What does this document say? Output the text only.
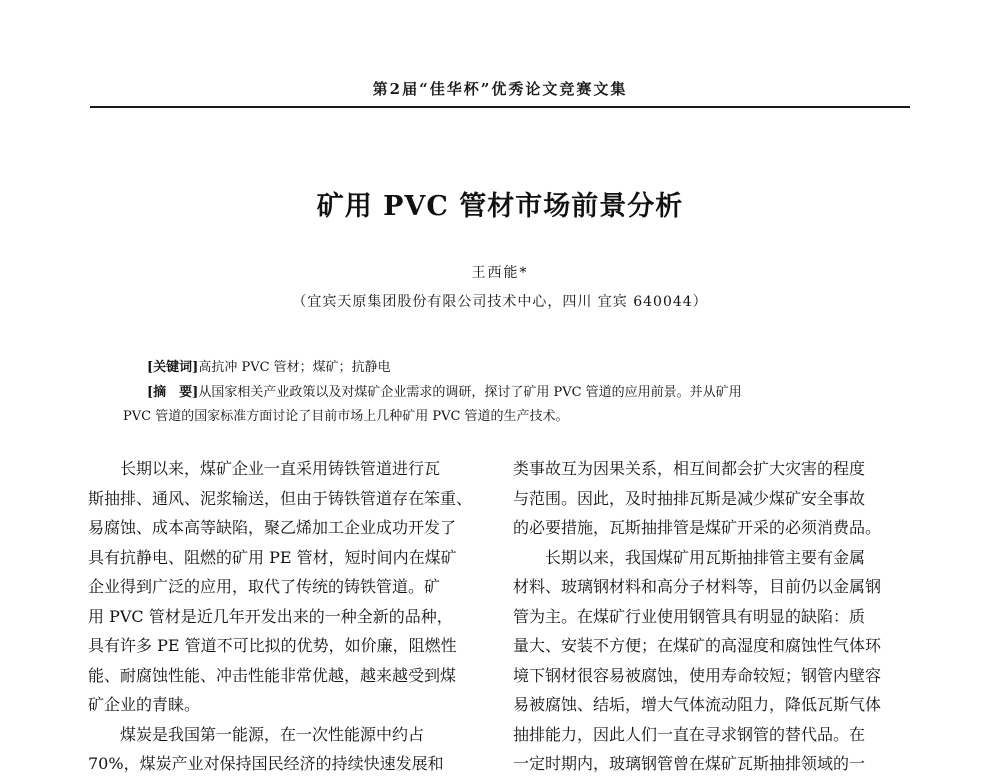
第2届“佳华杯”优秀论文竞赛文集
矿用 PVC 管材市场前景分析
王西能*
（宜宾天原集团股份有限公司技术中心，四川 宜宾 640044）
[关键词]高抗冲 PVC 管材；煤矿；抗静电
[摘　要]从国家相关产业政策以及对煤矿企业需求的调研，探讨了矿用 PVC 管道的应用前景。并从矿用
PVC 管道的国家标准方面讨论了目前市场上几种矿用 PVC 管道的生产技术。

　　长期以来，煤矿企业一直采用铸铁管道进行瓦

斯抽排、通风、泥浆输送，但由于铸铁管道存在笨重、

易腐蚀、成本高等缺陷，聚乙烯加工企业成功开发了

具有抗静电、阻燃的矿用 PE 管材，短时间内在煤矿

企业得到广泛的应用，取代了传统的铸铁管道。矿

用 PVC 管材是近几年开发出来的一种全新的品种，

具有许多 PE 管道不可比拟的优势，如价廉，阻燃性

能、耐腐蚀性能、冲击性能非常优越，越来越受到煤

矿企业的青睐。

　　煤炭是我国第一能源，在一次性能源中约占

70%，煤炭产业对保持国民经济的持续快速发展和

类事故互为因果关系，相互间都会扩大灾害的程度

与范围。因此，及时抽排瓦斯是减少煤矿安全事故

的必要措施，瓦斯抽排管是煤矿开采的必须消费品。

　　长期以来，我国煤矿用瓦斯抽排管主要有金属

材料、玻璃钢材料和高分子材料等，目前仍以金属钢

管为主。在煤矿行业使用钢管具有明显的缺陷：质

量大、安装不方便；在煤矿的高湿度和腐蚀性气体环

境下钢材很容易被腐蚀，使用寿命较短；钢管内壁容

易被腐蚀、结垢，增大气体流动阻力，降低瓦斯气体

抽排能力，因此人们一直在寻求钢管的替代品。在

一定时期内，玻璃钢管曾在煤矿瓦斯抽排领域的一
